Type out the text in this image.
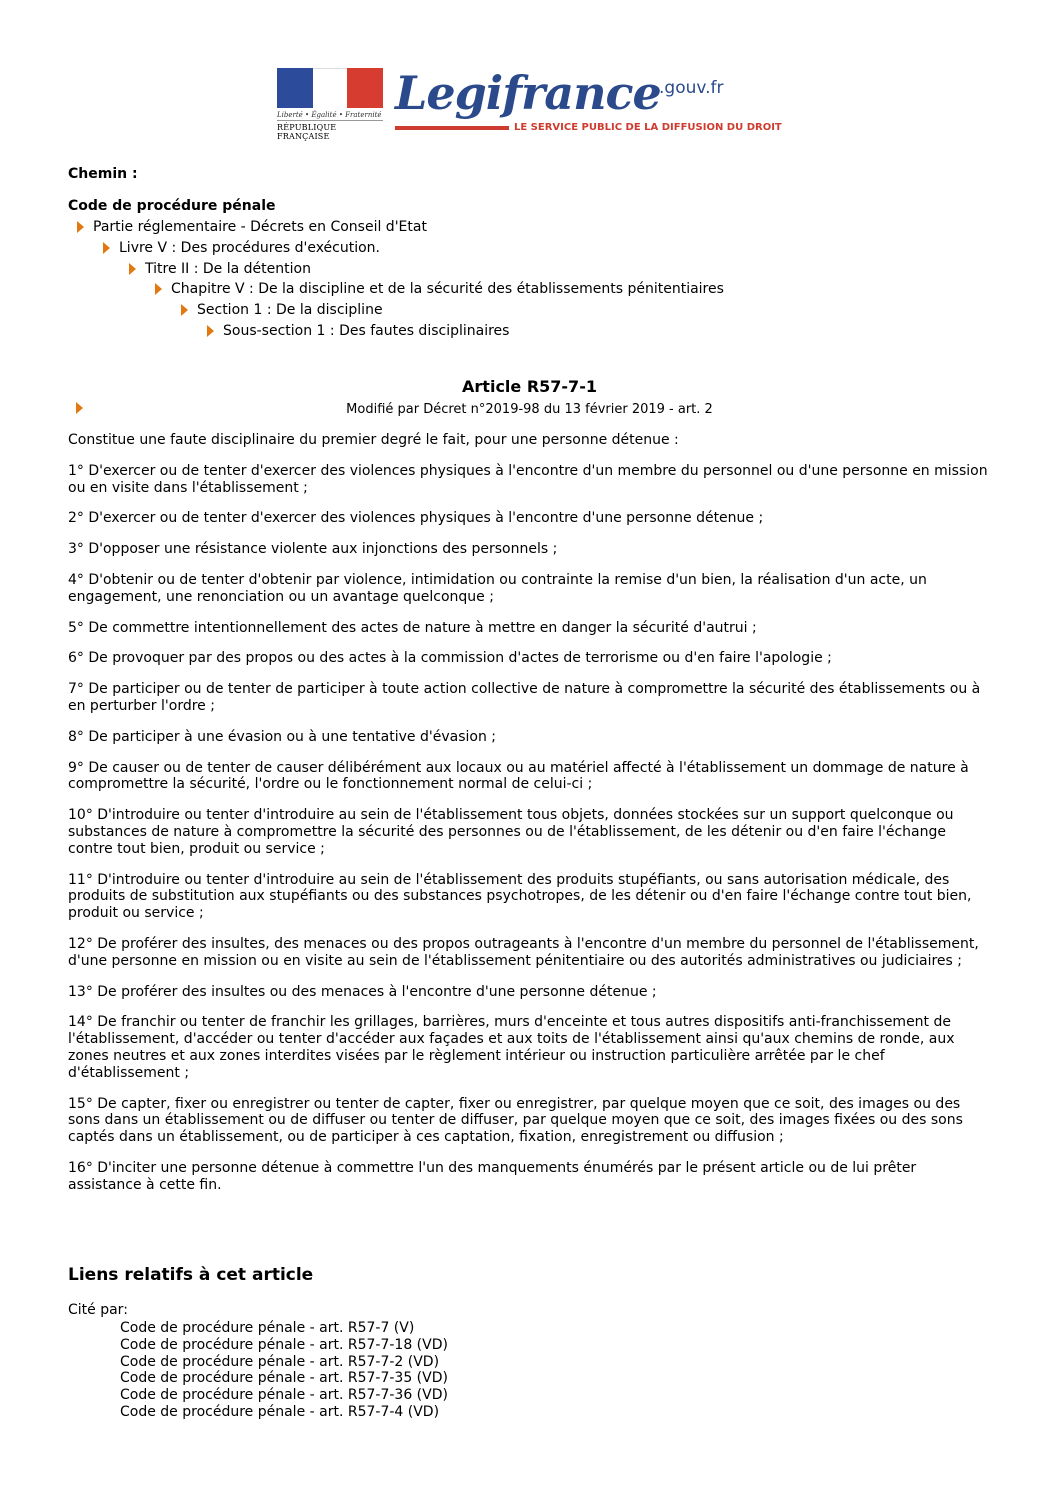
Liberté • Égalité • Fraternité
RÉPUBLIQUE FRANÇAISE
Legifrance
.gouv.fr
LE SERVICE PUBLIC DE LA DIFFUSION DU DROIT
Chemin :
Code de procédure pénale
Partie réglementaire - Décrets en Conseil d'Etat
Livre V : Des procédures d'exécution.
Titre II : De la détention
Chapitre V : De la discipline et de la sécurité des établissements pénitentiaires
Section 1 : De la discipline
Sous-section 1 : Des fautes disciplinaires
Article R57-7-1
Modifié par Décret n°2019-98 du 13 février 2019 - art. 2

Constitue une faute disciplinaire du premier degré le fait, pour une personne détenue :

1° D'exercer ou de tenter d'exercer des violences physiques à l'encontre d'un membre du personnel ou d'une personne en mission ou en visite dans l'établissement ;

2° D'exercer ou de tenter d'exercer des violences physiques à l'encontre d'une personne détenue ;

3° D'opposer une résistance violente aux injonctions des personnels ;

4° D'obtenir ou de tenter d'obtenir par violence, intimidation ou contrainte la remise d'un bien, la réalisation d'un acte, un engagement, une renonciation ou un avantage quelconque ;

5° De commettre intentionnellement des actes de nature à mettre en danger la sécurité d'autrui ;

6° De provoquer par des propos ou des actes à la commission d'actes de terrorisme ou d'en faire l'apologie ;

7° De participer ou de tenter de participer à toute action collective de nature à compromettre la sécurité des établissements ou à en perturber l'ordre ;

8° De participer à une évasion ou à une tentative d'évasion ;

9° De causer ou de tenter de causer délibérément aux locaux ou au matériel affecté à l'établissement un dommage de nature à compromettre la sécurité, l'ordre ou le fonctionnement normal de celui-ci ;

10° D'introduire ou tenter d'introduire au sein de l'établissement tous objets, données stockées sur un support quelconque ou substances de nature à compromettre la sécurité des personnes ou de l'établissement, de les détenir ou d'en faire l'échange contre tout bien, produit ou service ;

11° D'introduire ou tenter d'introduire au sein de l'établissement des produits stupéfiants, ou sans autorisation médicale, des produits de substitution aux stupéfiants ou des substances psychotropes, de les détenir ou d'en faire l'échange contre tout bien, produit ou service ;

12° De proférer des insultes, des menaces ou des propos outrageants à l'encontre d'un membre du personnel de l'établissement, d'une personne en mission ou en visite au sein de l'établissement pénitentiaire ou des autorités administratives ou judiciaires ;

13° De proférer des insultes ou des menaces à l'encontre d'une personne détenue ;

14° De franchir ou tenter de franchir les grillages, barrières, murs d'enceinte et tous autres dispositifs anti-franchissement de l'établissement, d'accéder ou tenter d'accéder aux façades et aux toits de l'établissement ainsi qu'aux chemins de ronde, aux zones neutres et aux zones interdites visées par le règlement intérieur ou instruction particulière arrêtée par le chef d'établissement ;

15° De capter, fixer ou enregistrer ou tenter de capter, fixer ou enregistrer, par quelque moyen que ce soit, des images ou des sons dans un établissement ou de diffuser ou tenter de diffuser, par quelque moyen que ce soit, des images fixées ou des sons captés dans un établissement, ou de participer à ces captation, fixation, enregistrement ou diffusion ;

16° D'inciter une personne détenue à commettre l'un des manquements énumérés par le présent article ou de lui prêter assistance à cette fin.

Liens relatifs à cet article
Cité par:
Code de procédure pénale - art. R57-7 (V)
Code de procédure pénale - art. R57-7-18 (VD)
Code de procédure pénale - art. R57-7-2 (VD)
Code de procédure pénale - art. R57-7-35 (VD)
Code de procédure pénale - art. R57-7-36 (VD)
Code de procédure pénale - art. R57-7-4 (VD)
